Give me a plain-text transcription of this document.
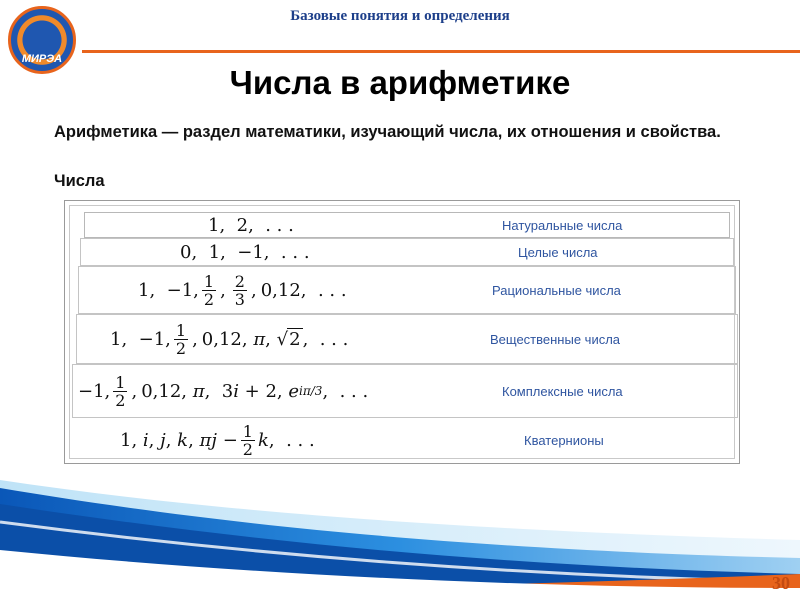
МИРЭА
Базовые понятия и определения
Числа в арифметике
Арифметика — раздел математики, изучающий числа, их отношения и свойства.
Числа
1,  2,  . . .	Натуральные числа
0,  1,  −1,  . . .	Целые числа
1,  −1, $\frac{1}{2}$ , $\frac{2}{3}$ , 0,12,  . . .	Рациональные числа
1,  −1, $\frac{1}{2}$ , 0,12, π , √ 2 ,  . . .	Вещественные числа
−1, $\frac{1}{2}$ , 0,12, π ,  3 i + 2, e iπ/3 ,  . . .	Комплексные числа
1, i , j , k , π $j - \frac{1}{2}$ k ,  . . .	Кватернионы
30
